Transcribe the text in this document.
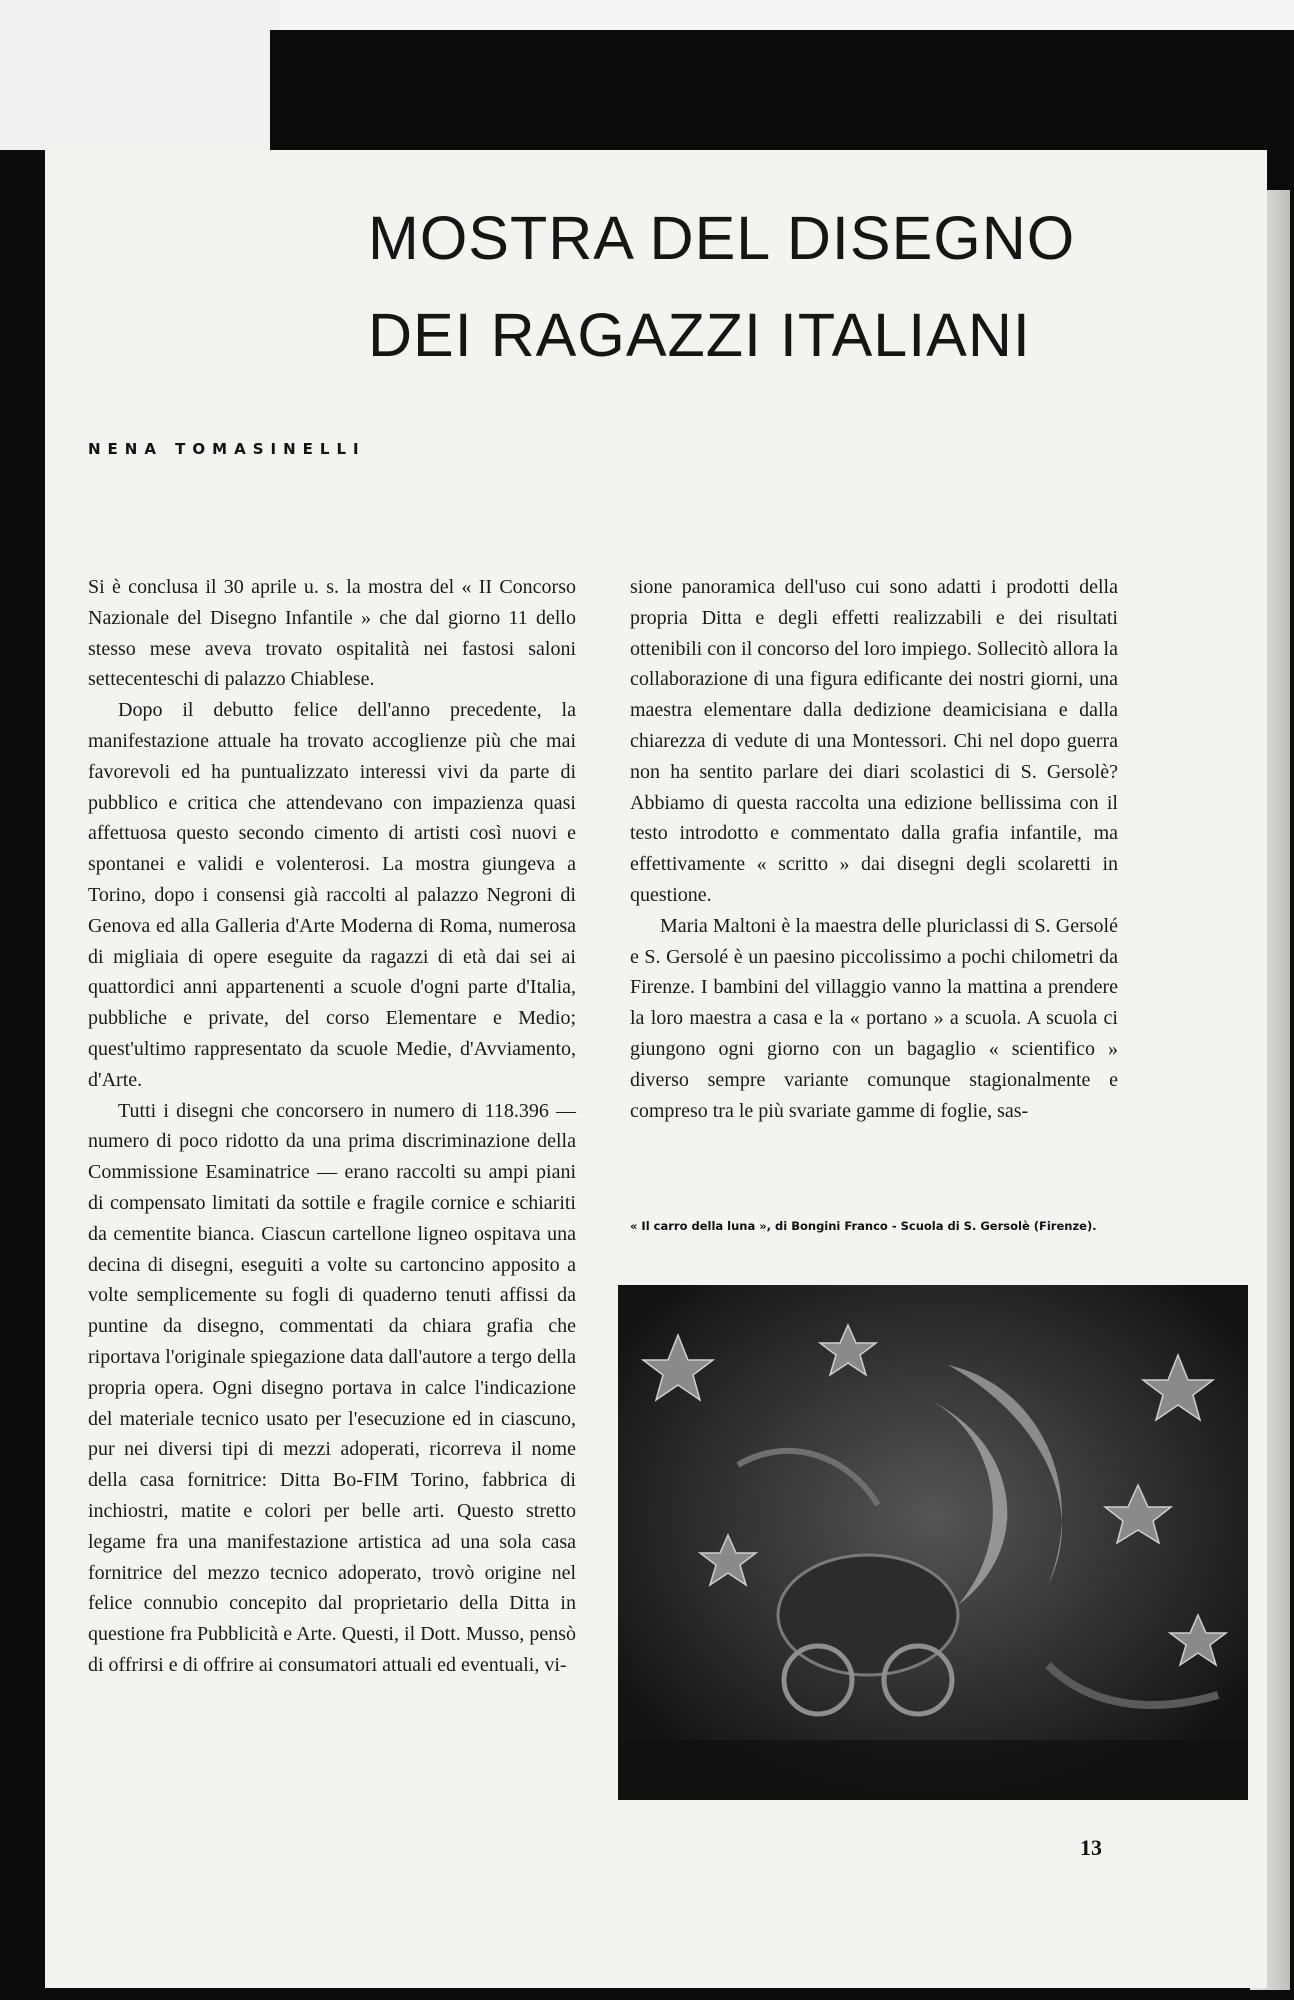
MOSTRA DEL DISEGNO
DEI RAGAZZI ITALIANI
NENA TOMASINELLI

Si è conclusa il 30 aprile u. s. la mostra del « II Concorso Nazionale del Disegno Infantile » che dal giorno 11 dello stesso mese aveva trovato ospitalità nei fastosi saloni settecenteschi di palazzo Chiablese.

Dopo il debutto felice dell'anno precedente, la manifestazione attuale ha trovato accoglienze più che mai favorevoli ed ha puntualizzato interessi vivi da parte di pubblico e critica che attendevano con impazienza quasi affettuosa questo secondo cimento di artisti così nuovi e spontanei e validi e volenterosi. La mostra giungeva a Torino, dopo i consensi già raccolti al palazzo Negroni di Genova ed alla Galleria d'Arte Moderna di Roma, numerosa di migliaia di opere eseguite da ragazzi di età dai sei ai quattordici anni appartenenti a scuole d'ogni parte d'Italia, pubbliche e private, del corso Elementare e Medio; quest'ultimo rappresentato da scuole Medie, d'Avviamento, d'Arte.

Tutti i disegni che concorsero in numero di 118.396 — numero di poco ridotto da una prima discriminazione della Commissione Esaminatrice — erano raccolti su ampi piani di compensato limitati da sottile e fragile cornice e schiariti da cementite bianca. Ciascun cartellone ligneo ospitava una decina di disegni, eseguiti a volte su cartoncino apposito a volte semplicemente su fogli di quaderno tenuti affissi da puntine da disegno, commentati da chiara grafia che riportava l'originale spiegazione data dall'autore a tergo della propria opera. Ogni disegno portava in calce l'indicazione del materiale tecnico usato per l'esecuzione ed in ciascuno, pur nei diversi tipi di mezzi adoperati, ricorreva il nome della casa fornitrice: Ditta Bo-FIM Torino, fabbrica di inchiostri, matite e colori per belle arti. Questo stretto legame fra una manifestazione artistica ad una sola casa fornitrice del mezzo tecnico adoperato, trovò origine nel felice connubio concepito dal proprietario della Ditta in questione fra Pubblicità e Arte. Questi, il Dott. Musso, pensò di offrirsi e di offrire ai consumatori attuali ed eventuali, vi-

sione panoramica dell'uso cui sono adatti i prodotti della propria Ditta e degli effetti realizzabili e dei risultati ottenibili con il concorso del loro impiego. Sollecitò allora la collaborazione di una figura edificante dei nostri giorni, una maestra elementare dalla dedizione deamicisiana e dalla chiarezza di vedute di una Montessori. Chi nel dopo guerra non ha sentito parlare dei diari scolastici di S. Gersolè? Abbiamo di questa raccolta una edizione bellissima con il testo introdotto e commentato dalla grafia infantile, ma effettivamente « scritto » dai disegni degli scolaretti in questione.

Maria Maltoni è la maestra delle pluriclassi di S. Gersolé e S. Gersolé è un paesino piccolissimo a pochi chilometri da Firenze. I bambini del villaggio vanno la mattina a prendere la loro maestra a casa e la « portano » a scuola. A scuola ci giungono ogni giorno con un bagaglio « scientifico » diverso sempre variante comunque stagionalmente e compreso tra le più svariate gamme di foglie, sas-

« Il carro della luna », di Bongini Franco - Scuola di S. Gersolè (Firenze).
13
